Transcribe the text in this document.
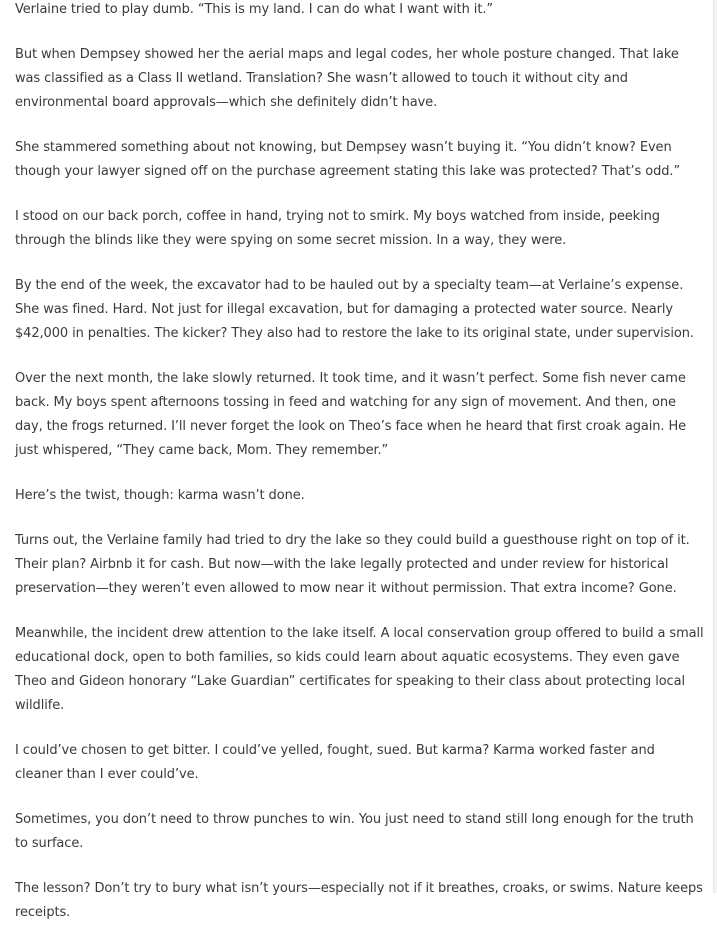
Verlaine tried to play dumb. “This is my land. I can do what I want with it.”

But when Dempsey showed her the aerial maps and legal codes, her whole posture changed. That lake was classified as a Class II wetland. Translation? She wasn’t allowed to touch it without city and environmental board approvals—which she definitely didn’t have.

She stammered something about not knowing, but Dempsey wasn’t buying it. “You didn’t know? Even though your lawyer signed off on the purchase agreement stating this lake was protected? That’s odd.”

I stood on our back porch, coffee in hand, trying not to smirk. My boys watched from inside, peeking through the blinds like they were spying on some secret mission. In a way, they were.

By the end of the week, the excavator had to be hauled out by a specialty team—at Verlaine’s expense. She was fined. Hard. Not just for illegal excavation, but for damaging a protected water source. Nearly $42,000 in penalties. The kicker? They also had to restore the lake to its original state, under supervision.

Over the next month, the lake slowly returned. It took time, and it wasn’t perfect. Some fish never came back. My boys spent afternoons tossing in feed and watching for any sign of movement. And then, one day, the frogs returned. I’ll never forget the look on Theo’s face when he heard that first croak again. He just whispered, “They came back, Mom. They remember.”

Here’s the twist, though: karma wasn’t done.

Turns out, the Verlaine family had tried to dry the lake so they could build a guesthouse right on top of it. Their plan? Airbnb it for cash. But now—with the lake legally protected and under review for historical preservation—they weren’t even allowed to mow near it without permission. That extra income? Gone.

Meanwhile, the incident drew attention to the lake itself. A local conservation group offered to build a small educational dock, open to both families, so kids could learn about aquatic ecosystems. They even gave Theo and Gideon honorary “Lake Guardian” certificates for speaking to their class about protecting local wildlife.

I could’ve chosen to get bitter. I could’ve yelled, fought, sued. But karma? Karma worked faster and cleaner than I ever could’ve.

Sometimes, you don’t need to throw punches to win. You just need to stand still long enough for the truth to surface.

The lesson? Don’t try to bury what isn’t yours—especially not if it breathes, croaks, or swims. Nature keeps receipts.
